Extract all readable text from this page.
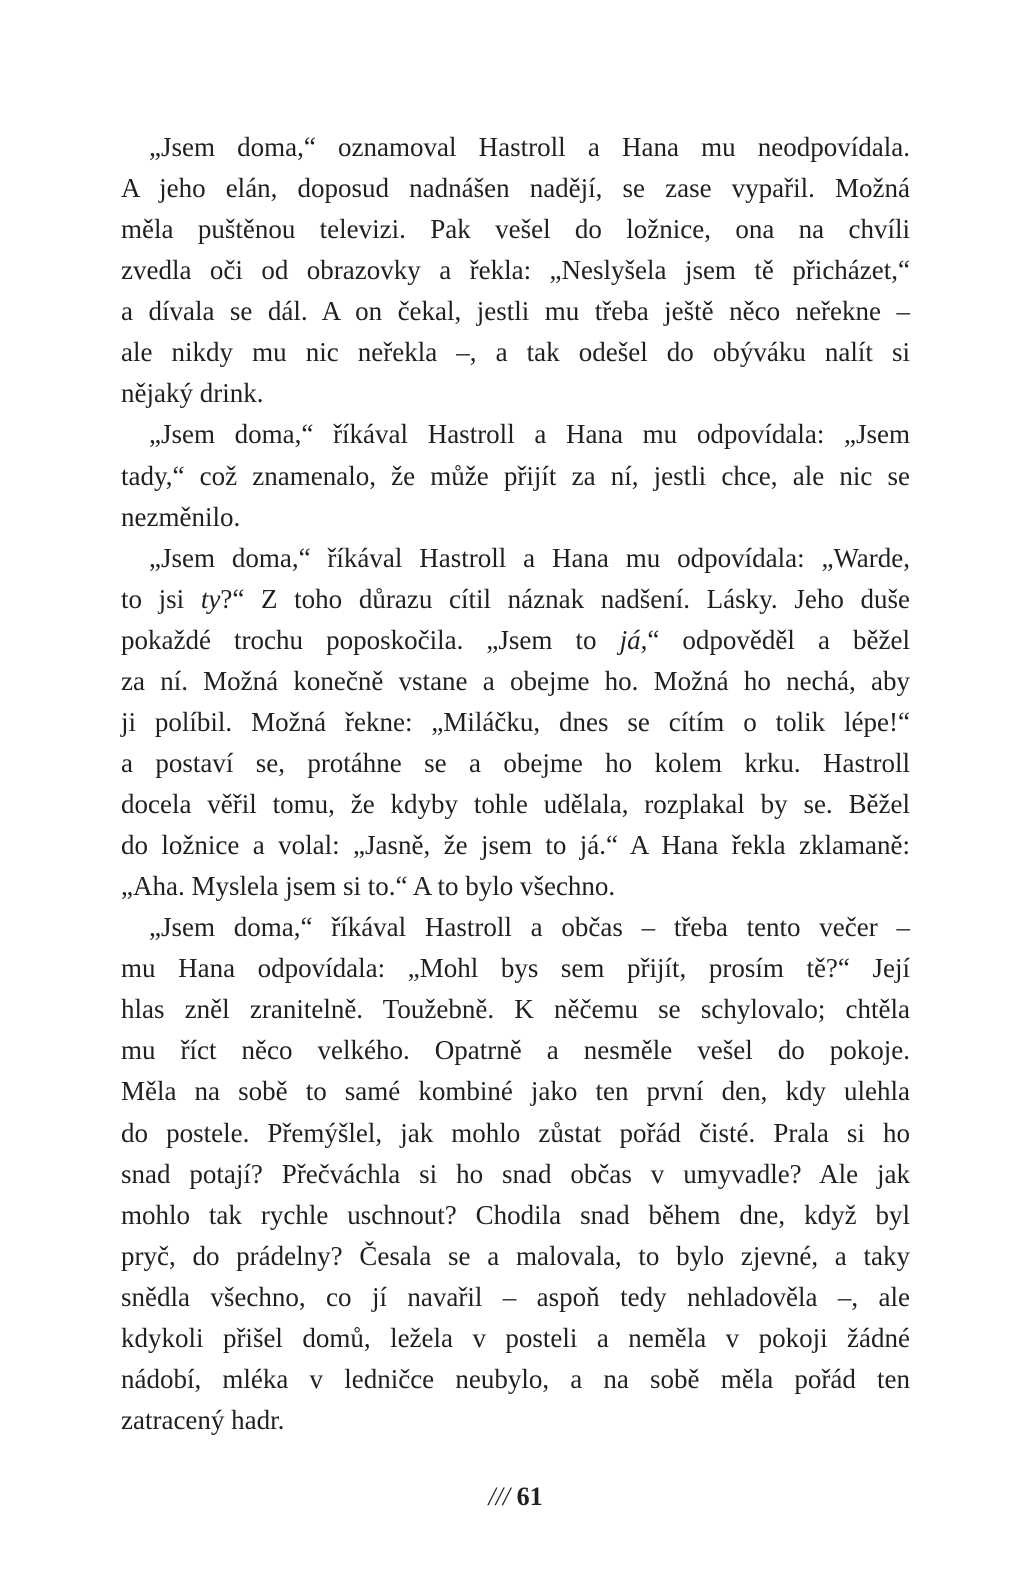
„Jsem doma,“ oznamoval Hastroll a Hana mu neodpovídala.
A jeho elán, doposud nadnášen nadějí, se zase vypařil. Možná
měla puštěnou televizi. Pak vešel do ložnice, ona na chvíli
zvedla oči od obrazovky a řekla: „Neslyšela jsem tě přicházet,“
a dívala se dál. A on čekal, jestli mu třeba ještě něco neřekne –
ale nikdy mu nic neřekla –, a tak odešel do obýváku nalít si
nějaký drink.
„Jsem doma,“ říkával Hastroll a Hana mu odpovídala: „Jsem
tady,“ což znamenalo, že může přijít za ní, jestli chce, ale nic se
nezměnilo.
„Jsem doma,“ říkával Hastroll a Hana mu odpovídala: „Warde,
to jsi ty?“ Z toho důrazu cítil náznak nadšení. Lásky. Jeho duše
pokaždé trochu poposkočila. „Jsem to já,“ odpověděl a běžel
za ní. Možná konečně vstane a obejme ho. Možná ho nechá, aby
ji políbil. Možná řekne: „Miláčku, dnes se cítím o tolik lépe!“
a postaví se, protáhne se a obejme ho kolem krku. Hastroll
docela věřil tomu, že kdyby tohle udělala, rozplakal by se. Běžel
do ložnice a volal: „Jasně, že jsem to já.“ A Hana řekla zklamaně:
„Aha. Myslela jsem si to.“ A to bylo všechno.
„Jsem doma,“ říkával Hastroll a občas – třeba tento večer –
mu Hana odpovídala: „Mohl bys sem přijít, prosím tě?“ Její
hlas zněl zranitelně. Toužebně. K něčemu se schylovalo; chtěla
mu říct něco velkého. Opatrně a nesměle vešel do pokoje.
Měla na sobě to samé kombiné jako ten první den, kdy ulehla
do postele. Přemýšlel, jak mohlo zůstat pořád čisté. Prala si ho
snad potají? Přečváchla si ho snad občas v umyvadle? Ale jak
mohlo tak rychle uschnout? Chodila snad během dne, když byl
pryč, do prádelny? Česala se a malovala, to bylo zjevné, a taky
snědla všechno, co jí navařil – aspoň tedy nehladověla –, ale
kdykoli přišel domů, ležela v posteli a neměla v pokoji žádné
nádobí, mléka v ledničce neubylo, a na sobě měla pořád ten
zatracený hadr.
/// 61
